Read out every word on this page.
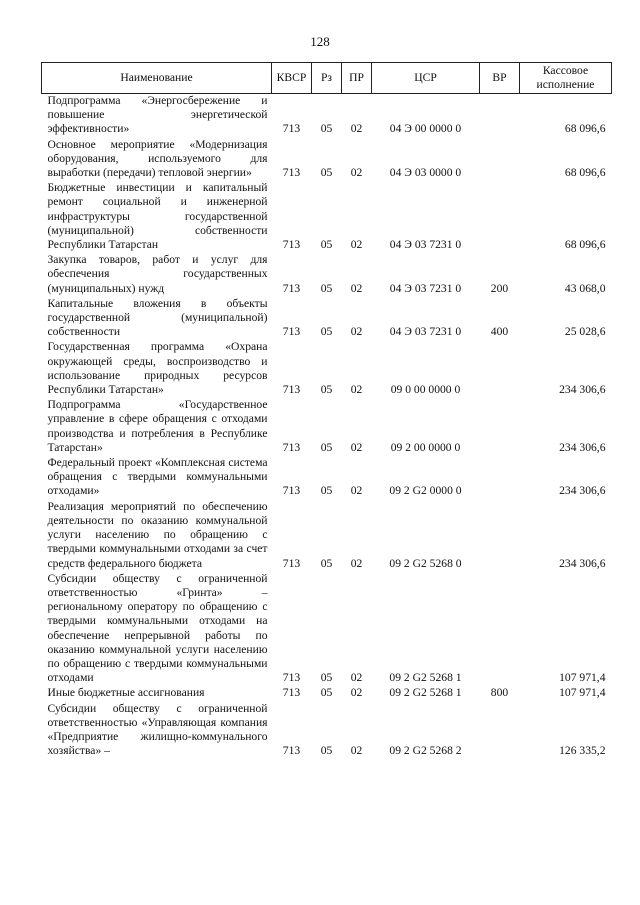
128
Наименование	КВСР	Рз	ПР	ЦСР	ВР	Кассовое исполнение
Подпрограмма «Энергосбережение и повышение энергетической эффективности»	713	05	02	04 Э 00 0000 0		68 096,6
Основное мероприятие «Модернизация оборудования, используемого для выработки (передачи) тепловой энергии»	713	05	02	04 Э 03 0000 0		68 096,6
Бюджетные инвестиции и капитальный ремонт социальной и инженерной инфраструктуры государственной (муниципальной) собственности Республики Татарстан	713	05	02	04 Э 03 7231 0		68 096,6
Закупка товаров, работ и услуг для обеспечения государственных (муниципальных) нужд	713	05	02	04 Э 03 7231 0	200	43 068,0
Капитальные вложения в объекты государственной (муниципальной) собственности	713	05	02	04 Э 03 7231 0	400	25 028,6
Государственная программа «Охрана окружающей среды, воспроизводство и использование природных ресурсов Республики Татарстан»	713	05	02	09 0 00 0000 0		234 306,6
Подпрограмма «Государственное управление в сфере обращения с отходами производства и потребления в Республике Татарстан»	713	05	02	09 2 00 0000 0		234 306,6
Федеральный проект «Комплексная система обращения с твердыми коммунальными отходами»	713	05	02	09 2 G2 0000 0		234 306,6
Реализация мероприятий по обеспечению деятельности по оказанию коммунальной услуги населению по обращению с твердыми коммунальными отходами за счет средств федерального бюджета	713	05	02	09 2 G2 5268 0		234 306,6
Субсидии обществу с ограниченной ответственностью «Гринта» – региональному оператору по обращению с твердыми коммунальными отходами на обеспечение непрерывной работы по оказанию коммунальной услуги населению по обращению с твердыми коммунальными отходами	713	05	02	09 2 G2 5268 1		107 971,4
Иные бюджетные ассигнования	713	05	02	09 2 G2 5268 1	800	107 971,4
Субсидии обществу с ограниченной ответственностью «Управляющая компания «Предприятие жилищно-коммунального хозяйства» –	713	05	02	09 2 G2 5268 2		126 335,2
